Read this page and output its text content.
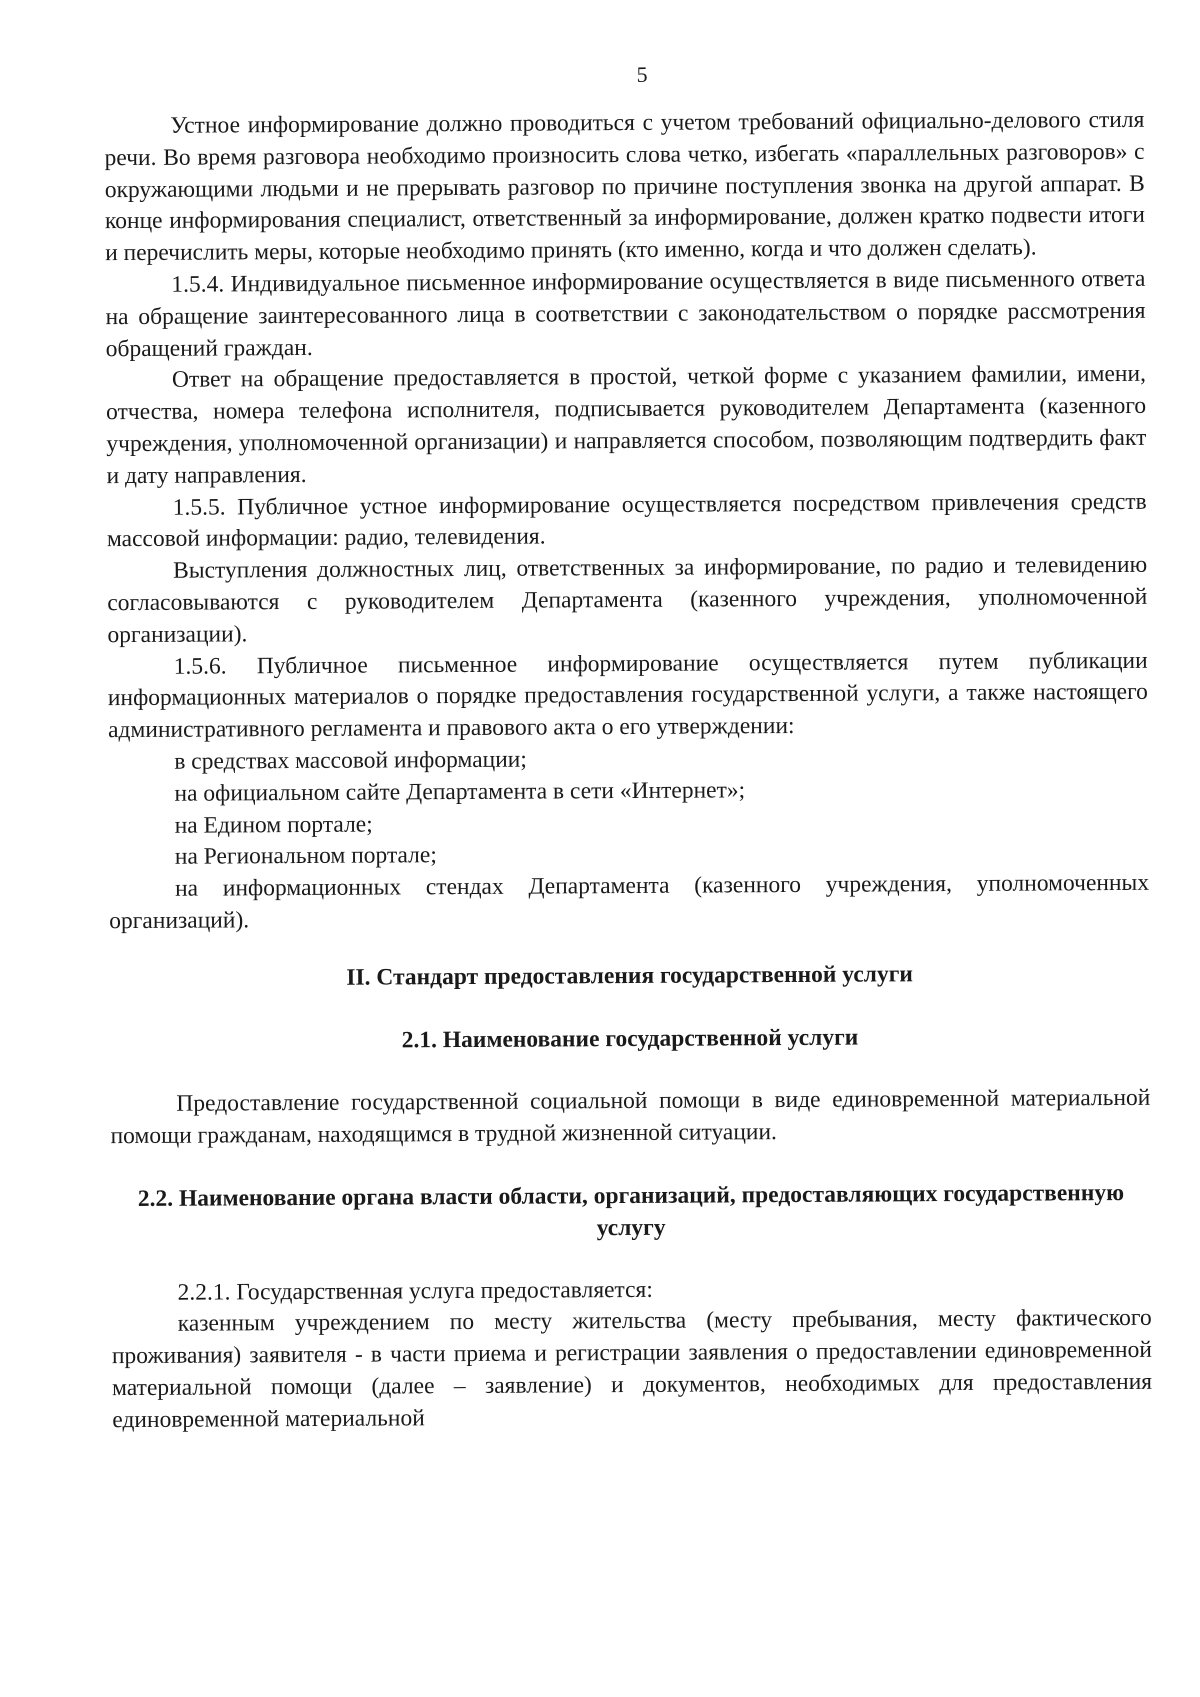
5

Устное информирование должно проводиться с учетом требований официально-делового стиля речи. Во время разговора необходимо произносить слова четко, избегать «параллельных разговоров» с окружающими людьми и не прерывать разговор по причине поступления звонка на другой аппарат. В конце информирования специалист, ответственный за информирование, должен кратко подвести итоги и перечислить меры, которые необходимо принять (кто именно, когда и что должен сделать).

1.5.4. Индивидуальное письменное информирование осуществляется в виде письменного ответа на обращение заинтересованного лица в соответствии с законодательством о порядке рассмотрения обращений граждан.

Ответ на обращение предоставляется в простой, четкой форме с указанием фамилии, имени, отчества, номера телефона исполнителя, подписывается руководителем Департамента (казенного учреждения, уполномоченной организации) и направляется способом, позволяющим подтвердить факт и дату направления.

1.5.5. Публичное устное информирование осуществляется посредством привлечения средств массовой информации: радио, телевидения.

Выступления должностных лиц, ответственных за информирование, по радио и телевидению согласовываются с руководителем Департамента (казенного учреждения, уполномоченной организации).

1.5.6. Публичное письменное информирование осуществляется путем публикации информационных материалов о порядке предоставления государственной услуги, а также настоящего административного регламента и правового акта о его утверждении:

в средствах массовой информации;

на официальном сайте Департамента в сети «Интернет»;

на Едином портале;

на Региональном портале;

на информационных стендах Департамента (казенного учреждения, уполномоченных организаций).

II. Стандарт предоставления государственной услуги
2.1. Наименование государственной услуги

Предоставление государственной социальной помощи в виде единовременной материальной помощи гражданам, находящимся в трудной жизненной ситуации.

2.2. Наименование органа власти области, организаций, предоставляющих государственную услугу

2.2.1. Государственная услуга предоставляется:

казенным учреждением по месту жительства (месту пребывания, месту фактического проживания) заявителя - в части приема и регистрации заявления о предоставлении единовременной материальной помощи (далее – заявление) и документов, необходимых для предоставления единовременной материальной
